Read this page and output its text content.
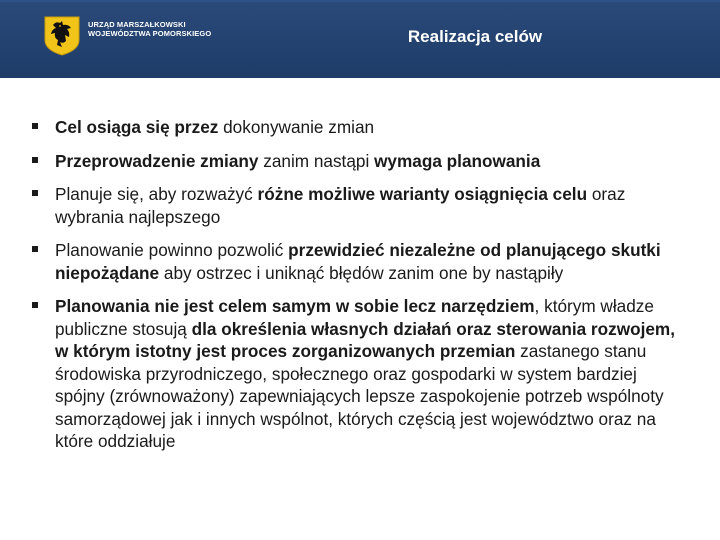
URZĄD MARSZAŁKOWSKI
WOJEWÓDZTWA POMORSKIEGO	Realizacja celów
Cel osiąga się przez dokonywanie zmian
Przeprowadzenie zmiany zanim nastąpi wymaga planowania
Planuje się, aby rozważyć różne możliwe warianty osiągnięcia celu oraz wybrania najlepszego
Planowanie powinno pozwolić przewidzieć niezależne od planującego skutki niepożądane aby ostrzec i uniknąć błędów zanim one by nastąpiły
Planowania nie jest celem samym w sobie lecz narzędziem, którym władze publiczne stosują dla określenia własnych działań oraz sterowania rozwojem, w którym istotny jest proces zorganizowanych przemian zastanego stanu środowiska przyrodniczego, społecznego oraz gospodarki w system bardziej spójny (zrównoważony) zapewniających lepsze zaspokojenie potrzeb wspólnoty samorządowej jak i innych wspólnot, których częścią jest województwo oraz na które oddziałuje
